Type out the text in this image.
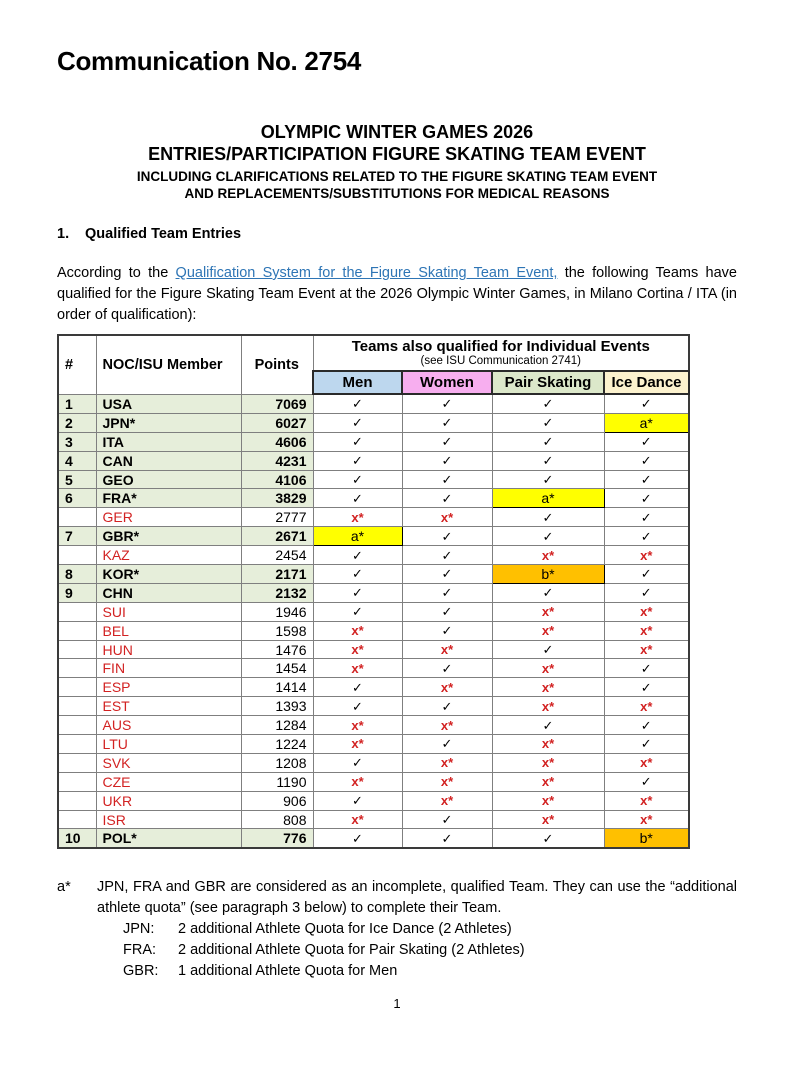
Communication No. 2754
OLYMPIC WINTER GAMES 2026
ENTRIES/PARTICIPATION FIGURE SKATING TEAM EVENT
INCLUDING CLARIFICATIONS RELATED TO THE FIGURE SKATING TEAM EVENT
AND REPLACEMENTS/SUBSTITUTIONS FOR MEDICAL REASONS
1. Qualified Team Entries

According to the Qualification System for the Figure Skating Team Event, the following Teams have qualified for the Figure Skating Team Event at the 2026 Olympic Winter Games, in Milano Cortina / ITA (in order of qualification):

#	NOC/ISU Member	Points	Teams also qualified for Individual Events
(see ISU Communication 2741)			

			Men	Women	Pair Skating	Ice Dance
1	USA	7069	✓	✓	✓	✓
2	JPN*	6027	✓	✓	✓	a*
3	ITA	4606	✓	✓	✓	✓
4	CAN	4231	✓	✓	✓	✓
5	GEO	4106	✓	✓	✓	✓
6	FRA*	3829	✓	✓	a*	✓
	GER	2777	x*	x*	✓	✓
7	GBR*	2671	a*	✓	✓	✓
	KAZ	2454	✓	✓	x*	x*
8	KOR*	2171	✓	✓	b*	✓
9	CHN	2132	✓	✓	✓	✓
	SUI	1946	✓	✓	x*	x*
	BEL	1598	x*	✓	x*	x*
	HUN	1476	x*	x*	✓	x*
	FIN	1454	x*	✓	x*	✓
	ESP	1414	✓	x*	x*	✓
	EST	1393	✓	✓	x*	x*
	AUS	1284	x*	x*	✓	✓
	LTU	1224	x*	✓	x*	✓
	SVK	1208	✓	x*	x*	x*
	CZE	1190	x*	x*	x*	✓
	UKR	906	✓	x*	x*	x*
	ISR	808	x*	✓	x*	x*
10	POL*	776	✓	✓	✓	b*
a*	JPN, FRA and GBR are considered as an incomplete, qualified Team. They can use the “additional athlete quota” (see paragraph 3 below) to complete their Team.
JPN:	2 additional Athlete Quota for Ice Dance (2 Athletes)
FRA:	2 additional Athlete Quota for Pair Skating (2 Athletes)
GBR:	1 additional Athlete Quota for Men
1
